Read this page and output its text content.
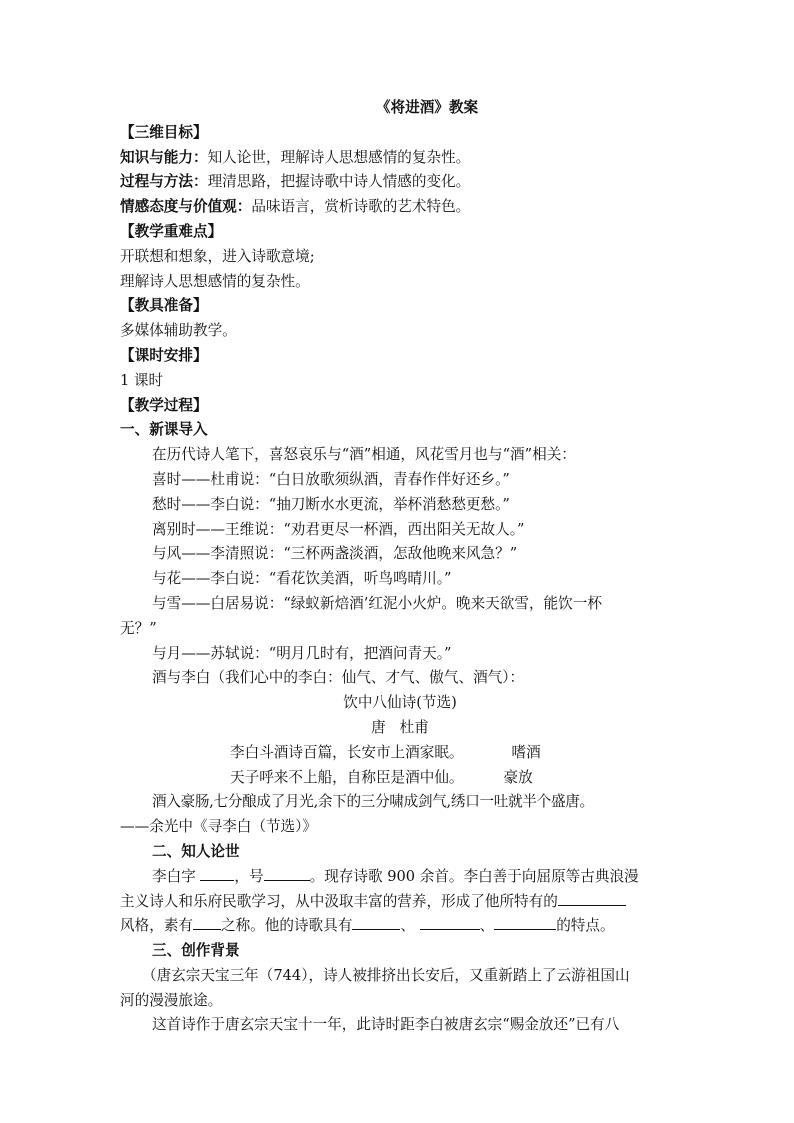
《将进酒》教案
【三维目标】
知识与能力：知人论世，理解诗人思想感情的复杂性。
过程与方法：理清思路，把握诗歌中诗人情感的变化。
情感态度与价值观：品味语言，赏析诗歌的艺术特色。
【教学重难点】
开联想和想象，进入诗歌意境;
理解诗人思想感情的复杂性。
【教具准备】
多媒体辅助教学。
【课时安排】
1 课时
【教学过程】
一、新课导入
在历代诗人笔下，喜怒哀乐与“酒”相通，风花雪月也与“酒”相关：
喜时——杜甫说：“白日放歌须纵酒，青春作伴好还乡。”
愁时——李白说：“抽刀断水水更流，举杯消愁愁更愁。”
离别时——王维说：“劝君更尽一杯酒，西出阳关无故人。”
与风——李清照说：“三杯两盏淡酒，怎敌他晚来风急？”
与花——李白说：“看花饮美酒，听鸟鸣晴川。”
与雪——白居易说：“绿蚁新焙酒’红泥小火炉。晚来天欲雪，能饮一杯
无？”
与月——苏轼说：“明月几时有，把酒问青天。”
酒与李白（我们心中的李白：仙气、才气、傲气、酒气）：
饮中八仙诗(节选)
唐   杜甫
李白斗酒诗百篇，长安市上酒家眠。	嗜酒
天子呼来不上船，自称臣是酒中仙。	豪放
酒入豪肠,七分酿成了月光,余下的三分啸成剑气,绣口一吐就半个盛唐。
——余光中《寻李白（节选）》
二、知人论世
李白字 ，号	。现存诗歌 900 余首。李白善于向屈原等古典浪漫
主义诗人和乐府民歌学习，从中汲取丰富的营养，形成了他所特有的
风格，素有 之称。他的诗歌具有	、	、	的特点。
三、创作背景
（唐玄宗天宝三年（744），诗人被排挤出长安后，又重新踏上了云游祖国山
河的漫漫旅途。
这首诗作于唐玄宗天宝十一年，此诗时距李白被唐玄宗“赐金放还”已有八
